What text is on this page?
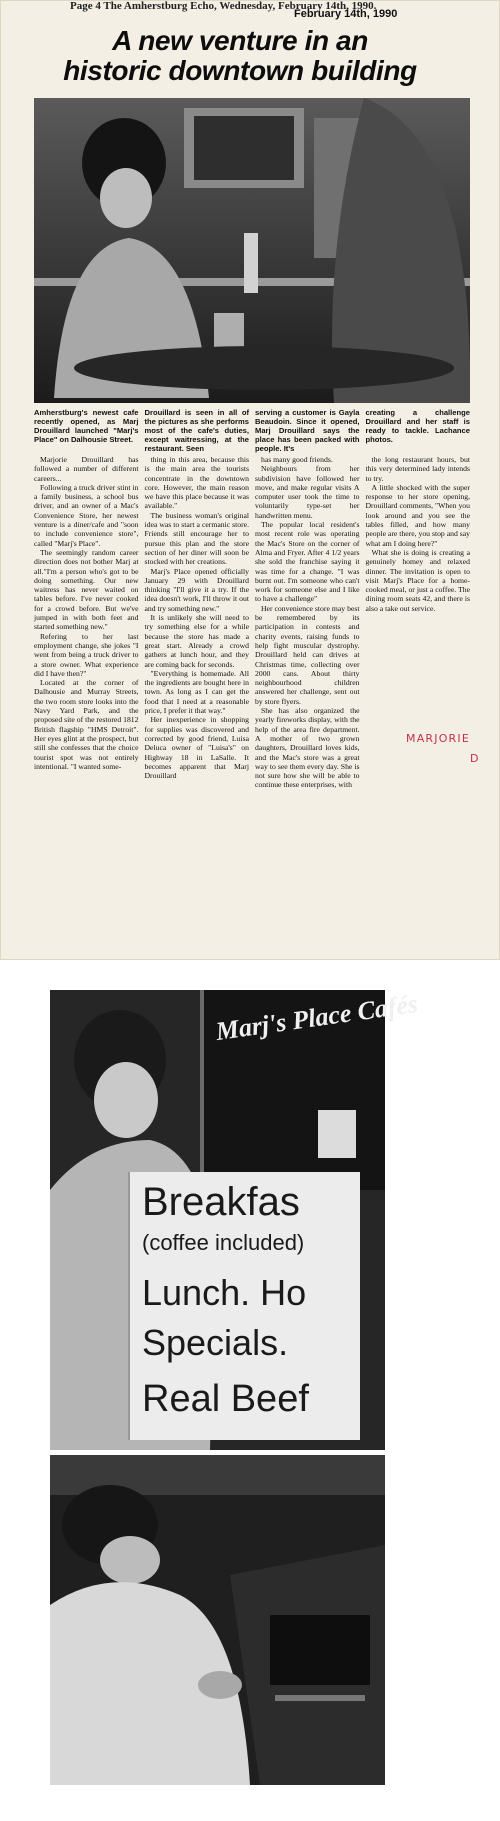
Page 4 The Amherstburg Echo, Wednesday, February 14th, 1990.
February 14th, 1990
A new venture in an
historic downtown building
Amherstburg's newest cafe recently opened, as Marj Drouillard launched "Marj's Place" on Dalhousie Street.
Drouillard is seen in all of the pictures as she performs most of the cafe's duties, except waitressing, at the restaurant. Seen
serving a customer is Gayla Beaudoin. Since it opened, Marj Drouillard says the place has been packed with people. It's
creating a challenge Drouillard and her staff is ready to tackle. Lachance photos.

Marjorie Drouillard has followed a number of different careers...

Following a truck driver stint in a family business, a school bus driver, and an owner of a Mac's Convenience Store, her newest venture is a diner/cafe and "soon to include convenience store", called "Marj's Place".

The seemingly random career direction does not bother Marj at all."I'm a person who's got to be doing something. Our new waitress has never waited on tables before. I've never cooked for a crowd before. But we've jumped in with both feet and started something new."

Refering to her last employment change, she jokes "I went from being a truck driver to a store owner. What experience did I have then?"

Located at the corner of Dalhousie and Murray Streets, the two room store looks into the Navy Yard Park, and the proposed site of the restored 1812 British flagship "HMS Detroit". Her eyes glint at the prospect, but still she confesses that the choice tourist spot was not entirely intentional. "I wanted some-

thing in this area, because this is the main area the tourists concentrate in the downtown core. However, the main reason we have this place because it was available."

The business woman's original idea was to start a cermanic store. Friends still encourage her to pursue this plan and the store section of her diner will soon be stocked with her creations.

Marj's Place opened officially January 29 with Drouillard thinking "I'll give it a try. If the idea doesn't work, I'll throw it out and try something new."

It is unlikely she will need to try something else for a while because the store has made a great start. Already a crowd gathers at lunch hour, and they are coming back for seconds.

"Everything is homemade. All the ingredients are bought here in town. As long as I can get the food that I need at a reasonable price, I prefer it that way."

Her inexperience in shopping for supplies was discovered and corrected by good friend, Luisa Deluca owner of "Luisa's" on Highway 18 in LaSalle. It becomes apparent that Marj Drouillard

has many good friends.

Neighbours from her subdivision have followed her move, and make regular visits A computer user took the time to voluntarily type-set her handwritten menu.

The popular local resident's most recent role was operating the Mac's Store on the corner of Alma and Fryer. After 4 1/2 years she sold the franchise saying it was time for a change. "I was burnt out. I'm someone who can't work for someone else and I like to have a challenge"

Her convenience store may best be remembered by its participation in contests and charity events, raising funds to help fight muscular dystrophy. Drouillard held can drives at Christmas time, collecting over 2000 cans. About thirty neighbourhood children answered her challenge, sent out by store flyers.

She has also organized the yearly fireworks display, with the help of the area fire department. A mother of two grown daughters, Drouillard loves kids, and the Mac's store was a great way to see them every day. She is not sure how she will be able to continue these enterprises, with

the long restaurant hours, but this very determined lady intends to try.

A little shocked with the super response to her store opening, Drouillard comments, "When you look around and you see the tables filled, and how many people are there, you stop and say what am I doing here?"

What she is doing is creating a genuinely homey and relaxed dinner. The invitation is open to visit Marj's Place for a home-cooked meal, or just a coffee. The dining room seats 42, and there is also a take out service.

MARJORIE
D
Marj's Place Cafés
Breakfas
(coffee included)
Lunch. Ho
Specials.
Real Beef
